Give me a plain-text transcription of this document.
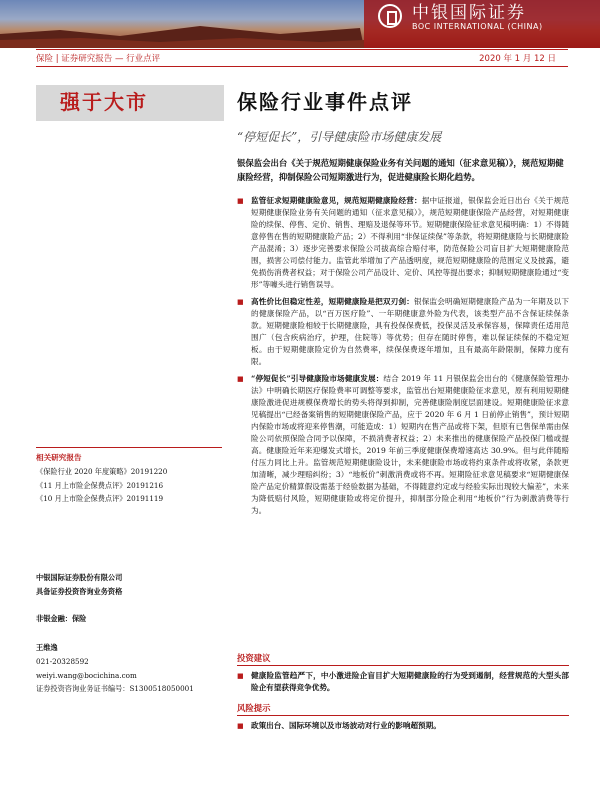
中银国际证券
BOC INTERNATIONAL (CHINA)
保险 | 证券研究报告 — 行业点评	2020 年 1 月 12 日
强于大市	保险行业事件点评
“停短促长”，引导健康险市场健康发展
银保监会出台《关于规范短期健康保险业务有关问题的通知（征求意见稿）》，规范短期健康险经营，抑制保险公司短期激进行为，促进健康险长期化趋势。
■ 监管征求短期健康险意见，规范短期健康险经营：据中证报道，银保监会近日出台《关于规范短期健康保险业务有关问题的通知（征求意见稿）》，规范短期健康保险产品经营，对短期健康险的续保、停售、定价、销售、理赔及退保等环节。短期健康保险征求意见稿明确：1）不得随意停售在售的短期健康险产品；2）不得利用“非保证续保”等条款，将短期健康险与长期健康险产品混淆；3）逐步完善要求保险公司拔高综合赔付率，防范保险公司盲目扩大短期健康险范围，损害公司偿付能力。监管此举增加了产品透明度，规范短期健康险的范围定义及披露，避免损伤消费者权益；对于保险公司产品设计、定价、风控等提出要求；抑制短期健康险通过“变形”等噱头进行销售误导。
■ 高性价比但稳定性差，短期健康险是把双刃剑：银保监会明确短期健康险产品为一年期及以下的健康保险产品，以“百万医疗险”、一年期健康意外险为代表，该类型产品不含保证续保条款。短期健康险相较于长期健康险，具有投保保费低，投保灵活及承保容易，保障责任适用范围广（包含疾病治疗，护理，住院等）等优势；但存在随时停售，难以保证续保的不稳定短板。由于短期健康险定价为自然费率，续保保费逐年增加，且有最高年龄限制，保障力度有限。
■ “停短促长”引导健康险市场健康发展：结合 2019 年 11 月银保监会出台的《健康保险管理办法》中明确长期医疗保险费率可调整等要求，监管出台短期健康险征求意见，原有利用短期健康险激进促进规模保费增长的势头将得到抑制，完善健康险制度层面建设。短期健康险征求意见稿提出“已经备案销售的短期健康保险产品，应于 2020 年 6 月 1 日前停止销售”，预计短期内保险市场或将迎来停售潮，可能造成：1）短期内在售产品或将下架，但原有已售保单需由保险公司依照保险合同予以保障，不损消费者权益；2）未来推出的健康保险产品投保门槛或提高。健康险近年来迎爆发式增长，2019 年前三季度健康保费增速高达 30.9%。但与此伴随赔付压力同比上升。监管规范短期健康险设计，未来健康险市场或将约束条件或将收紧，条款更加清晰，减少理赔纠纷；3）“地板价”刺激消费或将不再。短期险征求意见稿要求“短期健康保险产品定价精算假设需基于经验数据为基础，不得随意约定或与经验实际出现较大偏差”，未来为降低赔付风险，短期健康险或将定价提升，抑制部分险企利用“地板价”行为刺激消费等行为。
投资建议
■ 健康险监管趋严下，中小激进险企盲目扩大短期健康险的行为受到遏制，经营规范的大型头部险企有望获得竞争优势。
风险提示
■ 政策出台、国际环境以及市场波动对行业的影响超预期。
相关研究报告
《保险行业 2020 年度策略》20191220
《11 月上市险企保费点评》20191216
《10 月上市险企保费点评》20191119
中银国际证券股份有限公司
具备证券投资咨询业务资格
非银金融：保险
王维逸
021-20328592
weiyi.wang@bocichina.com
证券投资咨询业务证书编号：S1300518050001
